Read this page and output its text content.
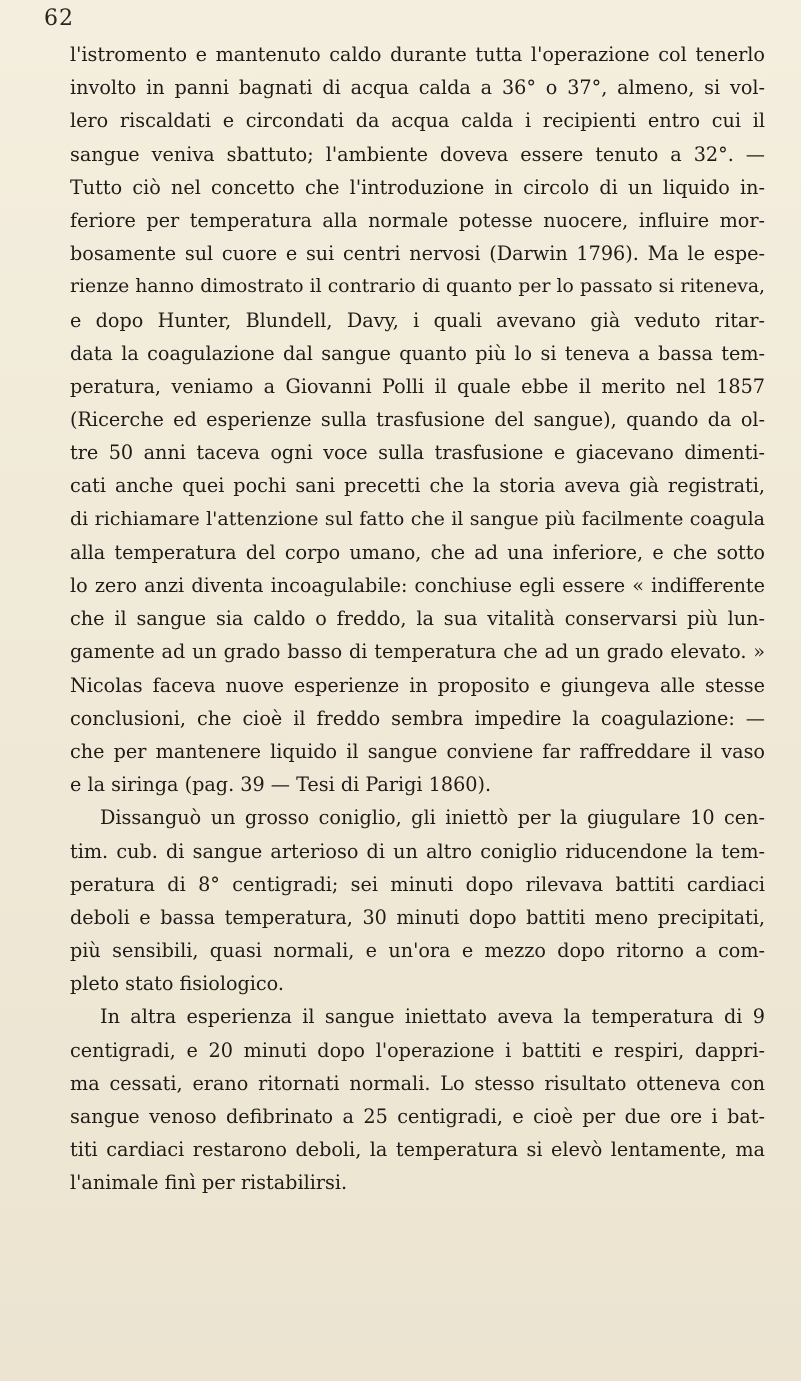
62
l'istromento e mantenuto caldo durante tutta l'operazione col tenerlo
involto in panni bagnati di acqua calda a 36° o 37°, almeno, si vol-
lero riscaldati e circondati da acqua calda i recipienti entro cui il
sangue veniva sbattuto; l'ambiente doveva essere tenuto a 32°. —
Tutto ciò nel concetto che l'introduzione in circolo di un liquido in-
feriore per temperatura alla normale potesse nuocere, influire mor-
bosamente sul cuore e sui centri nervosi (Darwin 1796). Ma le espe-
rienze hanno dimostrato il contrario di quanto per lo passato si riteneva,
e dopo Hunter, Blundell, Davy, i quali avevano già veduto ritar-
data la coagulazione dal sangue quanto più lo si teneva a bassa tem-
peratura, veniamo a Giovanni Polli il quale ebbe il merito nel 1857
(Ricerche ed esperienze sulla trasfusione del sangue), quando da ol-
tre 50 anni taceva ogni voce sulla trasfusione e giacevano dimenti-
cati anche quei pochi sani precetti che la storia aveva già registrati,
di richiamare l'attenzione sul fatto che il sangue più facilmente coagula
alla temperatura del corpo umano, che ad una inferiore, e che sotto
lo zero anzi diventa incoagulabile: conchiuse egli essere « indifferente
che il sangue sia caldo o freddo, la sua vitalità conservarsi più lun-
gamente ad un grado basso di temperatura che ad un grado elevato. »
Nicolas faceva nuove esperienze in proposito e giungeva alle stesse
conclusioni, che cioè il freddo sembra impedire la coagulazione: —
che per mantenere liquido il sangue conviene far raffreddare il vaso
e la siringa (pag. 39 — Tesi di Parigi 1860).
Dissanguò un grosso coniglio, gli iniettò per la giugulare 10 cen-
tim. cub. di sangue arterioso di un altro coniglio riducendone la tem-
peratura di 8° centigradi; sei minuti dopo rilevava battiti cardiaci
deboli e bassa temperatura, 30 minuti dopo battiti meno precipitati,
più sensibili, quasi normali, e un'ora e mezzo dopo ritorno a com-
pleto stato fisiologico.
In altra esperienza il sangue iniettato aveva la temperatura di 9
centigradi, e 20 minuti dopo l'operazione i battiti e respiri, dappri-
ma cessati, erano ritornati normali. Lo stesso risultato otteneva con
sangue venoso defibrinato a 25 centigradi, e cioè per due ore i bat-
titi cardiaci restarono deboli, la temperatura si elevò lentamente, ma
l'animale finì per ristabilirsi.
